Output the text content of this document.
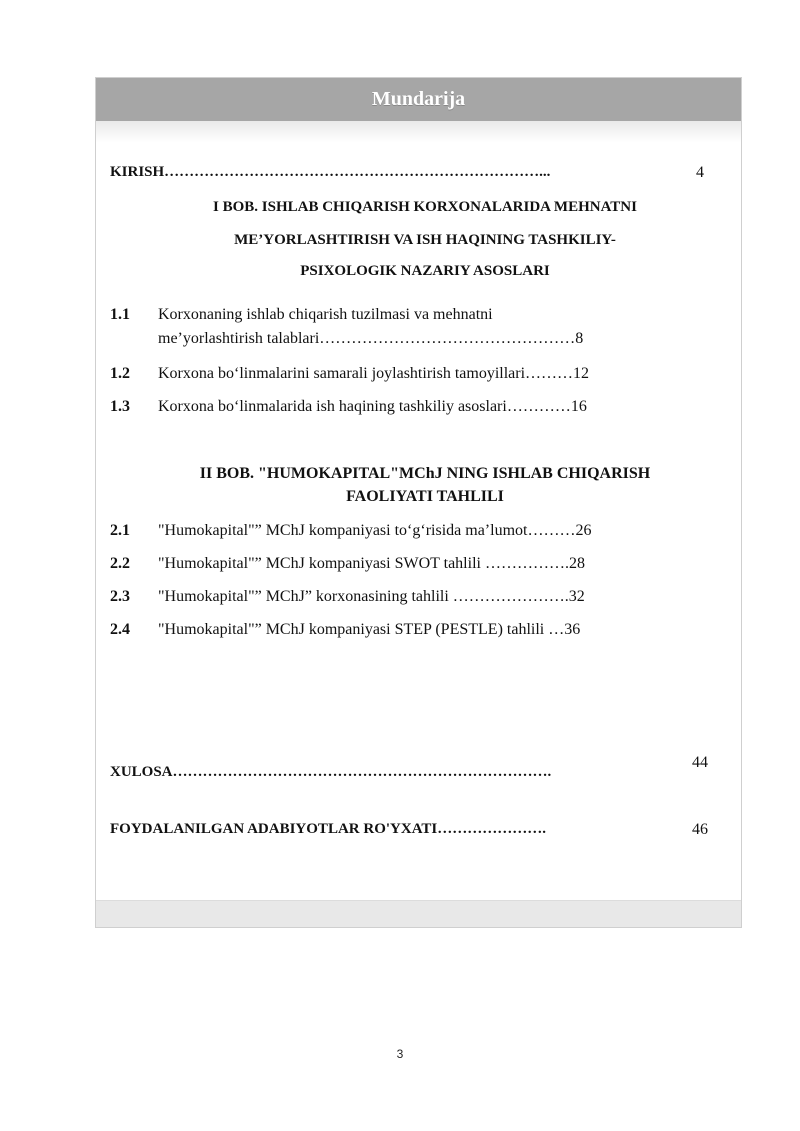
Mundarija
KIRISH…………………………………………………………………...	4
I BOB. ISHLAB CHIQARISH KORXONALARIDA MEHNATNI
ME’YORLASHTIRISH VA ISH HAQINING TASHKILIY-
PSIXOLOGIK NAZARIY ASOSLARI
1.1 Korxonaning ishlab chiqarish tuzilmasi va mehnatni
me’yorlashtirish talablari…………………………………………8
1.2 Korxona bo‘linmalarini samarali joylashtirish tamoyillari………12
1.3 Korxona bo‘linmalarida ish haqining tashkiliy asoslari…………16
II BOB. "HUMOKAPITAL"MChJ NING ISHLAB CHIQARISH
FAOLIYATI TAHLILI
2.1 "Humokapital"” MChJ kompaniyasi to‘g‘risida ma’lumot………26
2.2 "Humokapital"” MChJ kompaniyasi SWOT tahlili …………….28
2.3 "Humokapital"” MChJ” korxonasining tahlili ………………….32
2.4 "Humokapital"” MChJ kompaniyasi STEP (PESTLE) tahlili …36
XULOSA………………………………………………………………….
44
FOYDALANILGAN ADABIYOTLAR RO'YXATI………………….	46
3
